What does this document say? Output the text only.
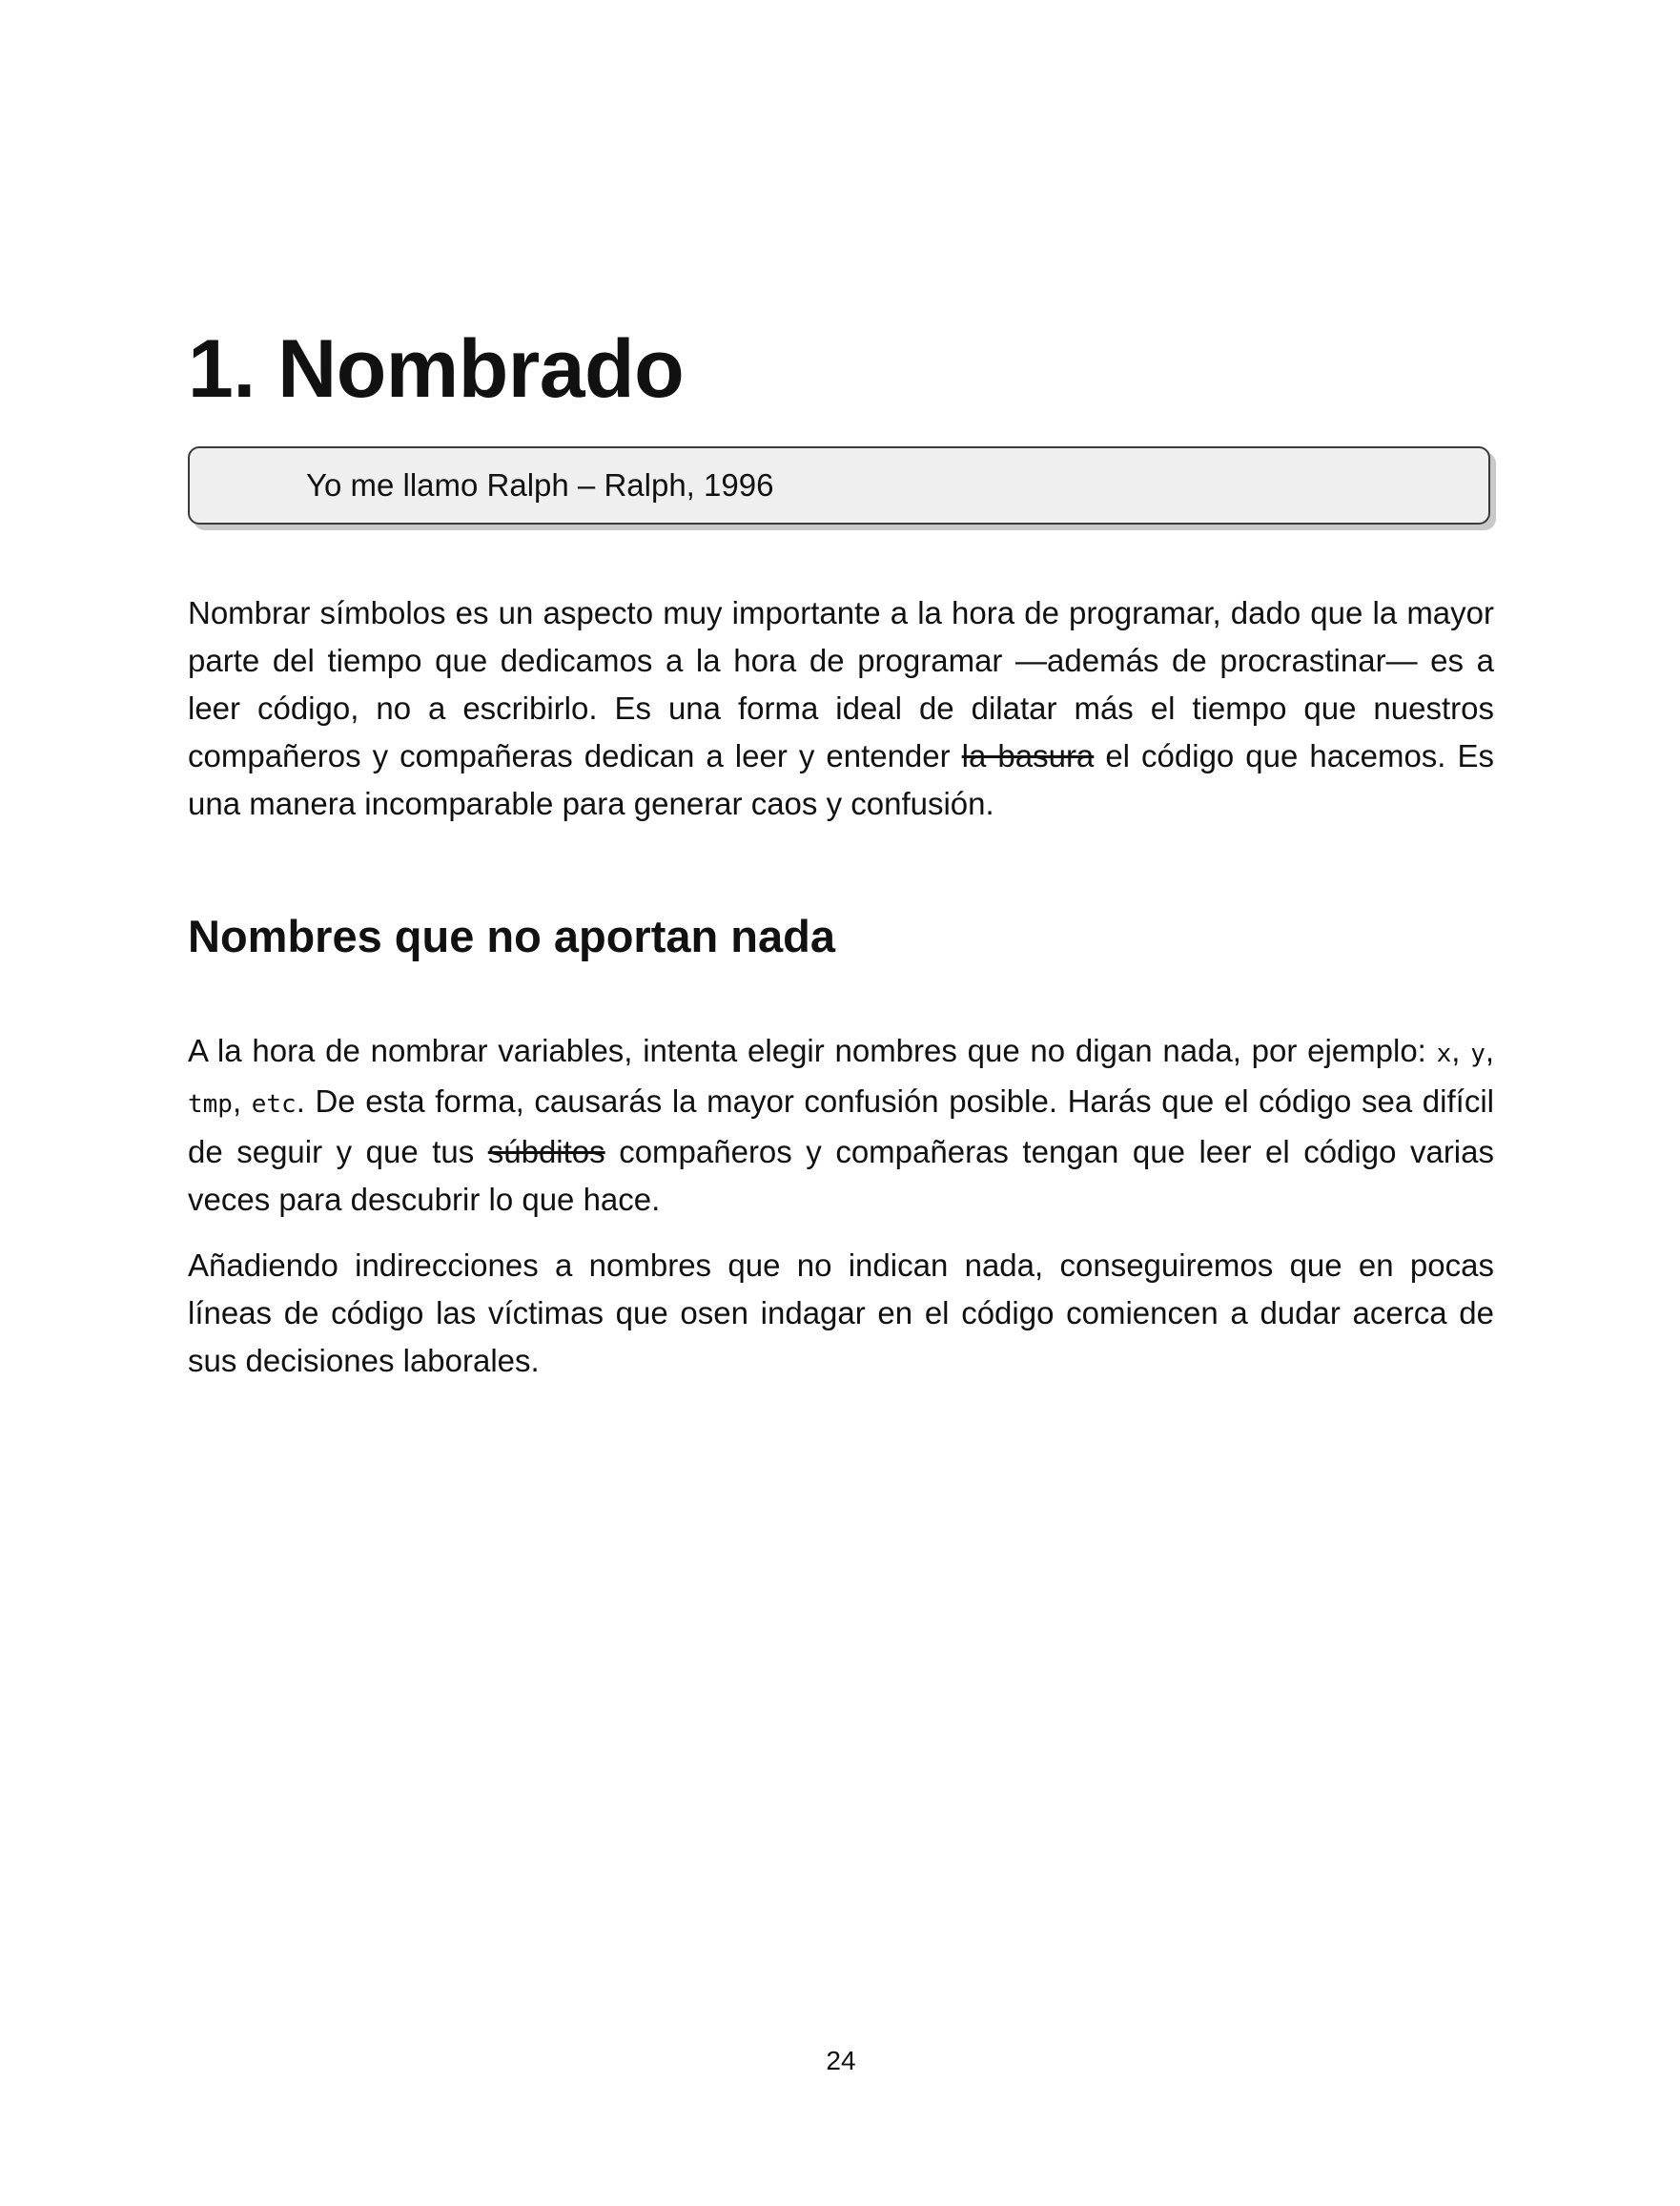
1. Nombrado
Yo me llamo Ralph – Ralph, 1996

Nombrar símbolos es un aspecto muy importante a la hora de programar, dado que la mayor parte del tiempo que dedicamos a la hora de programar —además de procrastinar— es a leer código, no a escribirlo. Es una forma ideal de dilatar más el tiempo que nuestros compañeros y compañeras dedican a leer y entender la basura el código que hacemos. Es una manera incomparable para generar caos y confusión.

Nombres que no aportan nada

A la hora de nombrar variables, intenta elegir nombres que no digan nada, por ejemplo: x, y, tmp, etc. De esta forma, causarás la mayor confusión posible. Harás que el código sea difícil de seguir y que tus súbditos compañeros y compañeras tengan que leer el código varias veces para descubrir lo que hace.

Añadiendo indirecciones a nombres que no indican nada, conseguiremos que en pocas líneas de código las víctimas que osen indagar en el código comiencen a dudar acerca de sus decisiones laborales.

24
